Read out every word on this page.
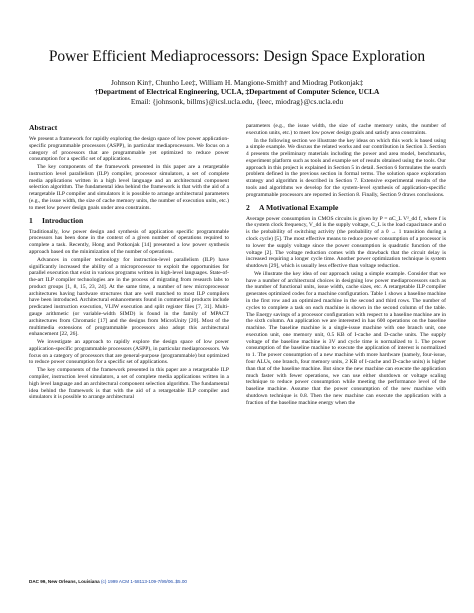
Power Efficient Mediaprocessors: Design Space Exploration
Johnson Kin†, Chunho Lee‡, William H. Mangione-Smith† and Miodrag Potkonjak‡
†Department of Electrical Engineering, UCLA, ‡Department of Computer Science, UCLA
Email: {johnsonk, billms}@icsl.ucla.edu, {leec, miodrag}@cs.ucla.edu
Abstract

We present a framework for rapidly exploring the design space of low power application-specific programmable processors (ASPP), in particular mediaprocessors. We focus on a category of processors that are programmable yet optimized to reduce power consumption for a specific set of applications.

The key components of the framework presented in this paper are a retargetable instruction level parallelism (ILP) compiler, processor simulators, a set of complete media applications written in a high level language and an architectural component selection algorithm. The fundamental idea behind the framework is that with the aid of a retargetable ILP compiler and simulators it is possible to arrange architectural parameters (e.g., the issue width, the size of cache memory units, the number of execution units, etc.) to meet low power design goals under area constraints.

1 Introduction

Traditionally, low power design and synthesis of application specific programmable processors has been done in the context of a given number of operations required to complete a task. Recently, Hong and Potkonjak [14] presented a low power synthesis approach based on the minimization of the number of operations.

Advances in compiler technology for instruction-level parallelism (ILP) have significantly increased the ability of a microprocessor to exploit the opportunities for parallel execution that exist in various programs written in high-level languages. State-of-the-art ILP compiler technologies are in the process of migrating from research labs to product groups [1, 8, 15, 23, 24]. At the same time, a number of new microprocessor architectures having hardware structures that are well matched to most ILP compilers have been introduced. Architectural enhancements found in commercial products include predicated instruction execution, VLIW execution and split register files [7, 31]. Multi-gauge arithmetic (or variable-width SIMD) is found in the family of MPACT architectures from Chromatic [17] and the designs from MicroUnity [20]. Most of the multimedia extensions of programmable processors also adopt this architectural enhancement [22, 26].

We investigate an approach to rapidly explore the design space of low power application-specific programmable processors (ASPP), in particular mediaprocessors. We focus on a category of processors that are general-purpose (programmable) but optimized to reduce power consumption for a specific set of applications.

The key components of the framework presented in this paper are a retargetable ILP compiler, instruction level simulators, a set of complete media applications written in a high level language and an architectural component selection algorithm. The fundamental idea behind the framework is that with the aid of a retargetable ILP compiler and simulators it is possible to arrange architectural

parameters (e.g., the issue width, the size of cache memory units, the number of execution units, etc.) to meet low power design goals and satisfy area constraints.

In the following section we illustrate the key ideas on which this work is based using a simple example. We discuss the related works and our contribution in Section 3. Section 4 presents the preliminary materials including the power and area model, benchmarks, experiment platform such as tools and example set of results obtained using the tools. Our approach in this project is explained in Section 5 in detail. Section 6 formulates the search problem defined in the previous section in formal terms. The solution space exploration strategy and algorithm is described in Section 7. Extensive experimental results of the tools and algorithms we develop for the system-level synthesis of application-specific programmable processors are reported in Section 8. Finally, Section 9 draws conclusions.

2 A Motivational Example

Average power consumption in CMOS circuits is given by P = αC_L V²_dd f, where f is the system clock frequency, V_dd is the supply voltage, C_L is the load capacitance and α is the probability of switching activity (the probability of a 0 → 1 transition during a clock cycle) [5]. The most effective means to reduce power consumption of a processor is to lower the supply voltage since the power consumption is quadratic function of the voltage [2]. The voltage reduction comes with the drawback that the circuit delay is increased requiring a longer cycle time. Another power optimization technique is system shutdown [29], which is usually less effective than voltage reduction.

We illustrate the key idea of our approach using a simple example. Consider that we have a number of architectural choices in designing low power mediaprocessors such as the number of functional units, issue width, cache sizes, etc. A retargetable ILP compiler generates optimized codes for a machine configuration. Table 1 shows a baseline machine in the first row and an optimized machine in the second and third rows. The number of cycles to complete a task on each machine is shown in the second column of the table. The Energy savings of a processor configuration with respect to a baseline machine are in the sixth column. An application we are interested in has 600 operations on the baseline machine. The baseline machine is a single-issue machine with one branch unit, one execution unit, one memory unit, 0.5 KB of I-cache and D-cache units. The supply voltage of the baseline machine is 3V and cycle time is normalized to 1. The power consumption of the baseline machine to execute the application of interest is normalized to 1. The power consumption of a new machine with more hardware (namely, four-issue, four ALUs, one branch, four memory units, 2 KB of I-cache and D-cache units) is higher than that of the baseline machine. But since the new machine can execute the application much faster with fewer operations, we can use either shutdown or voltage scaling technique to reduce power consumption while meeting the performance level of the baseline machine. Assume that the power consumption of the new machine with shutdown technique is 0.8. Then the new machine can execute the application with a fraction of the baseline machine energy when the

DAC 99, New Orleans, Louisiana (c) 1999 ACM 1-58113-109-7/99/06..$5.00
